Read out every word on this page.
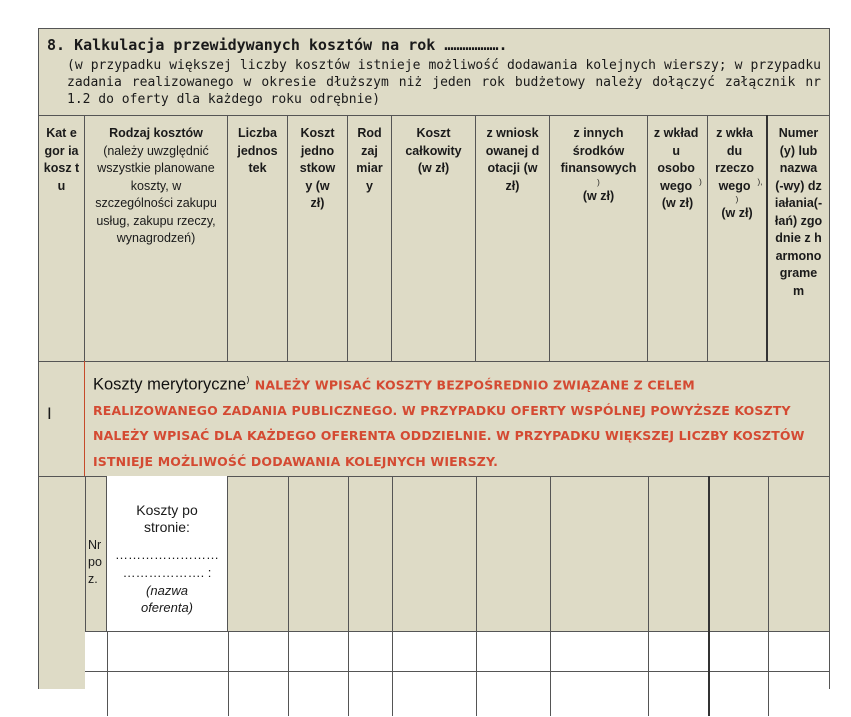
8. Kalkulacja przewidywanych kosztów na rok ……………….
(w przypadku większej liczby kosztów istnieje możliwość dodawania kolejnych wierszy; w przypadku zadania realizowanego w okresie dłuższym niż jeden rok budżetowy należy dołączyć załącznik nr 1.2 do oferty dla każdego roku odrębnie)
Kat egor ia kosz tu
Rodzaj kosztów
(należy uwzględnić wszystkie planowane koszty, w szczególności zakupu usług, zakupu rzeczy, wynagrodzeń)
Liczba jednos tek
Koszt jedno stkow y (w zł)
Rod zaj miar y
Koszt całkowity (w zł)
z wnioskowanej dotacji (w zł)
z innych środków finansowych
)
(w zł)
z wkład u osobo wego )
(w zł)
z wkła du rzeczo wego ),
)
(w zł)
Numer (y) lub nazwa (-wy) działania(-łań) zgodnie z harmonogramem
I
Koszty merytoryczne) NALEŻY WPISAĆ KOSZTY BEZPOŚREDNIO ZWIĄZANE Z CELEM REALIZOWANEGO ZADANIA PUBLICZNEGO. W PRZYPADKU OFERTY WSPÓLNEJ POWYŻSZE KOSZTY NALEŻY WPISAĆ DLA KAŻDEGO OFERENTA ODDZIELNIE. W PRZYPADKU WIĘKSZEJ LICZBY KOSZTÓW ISTNIEJE MOŻLIWOŚĆ DODAWANIA KOLEJNYCH WIERSZY.
Nr po z.
Koszty po stronie:
……………………
………………. :
(nazwa oferenta)
